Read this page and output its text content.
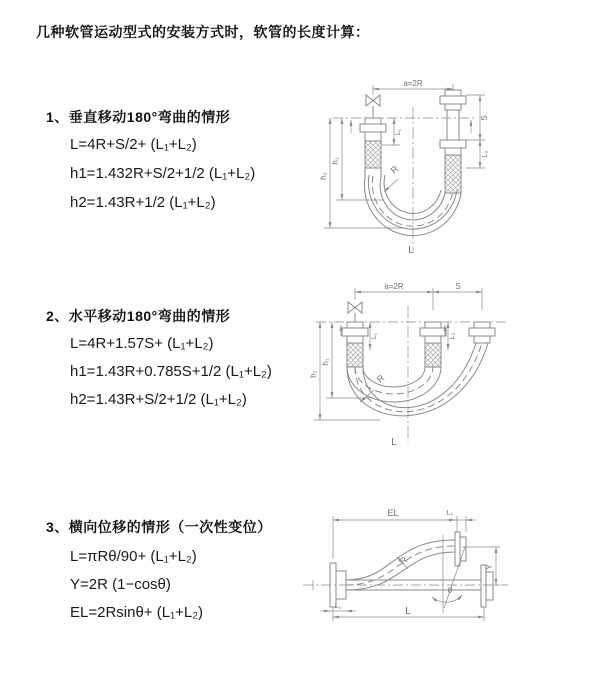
几种软管运动型式的安装方式时，软管的长度计算：
1、垂直移动180°弯曲的情形
L=4R+S/2+ (L₁+L₂)
h1=1.432R+S/2+1/2 (L₁+L₂)
h2=1.43R+1/2 (L₁+L₂)
2、水平移动180°弯曲的情形
L=4R+1.57S+ (L₁+L₂)
h1=1.43R+0.785S+1/2 (L₁+L₂)
h2=1.43R+S/2+1/2 (L₁+L₂)
3、横向位移的情形（一次性变位）
L=πRθ/90+ (L₁+L₂)
Y=2R (1−cosθ)
EL=2Rsinθ+ (L₁+L₂)
a=2R
L₁
S
L₂
h₁
h₂
R
L
a=2R	S
L₁	L₂
h₁
h₂	R
L
EL	L₂
Y
θ
R
L₁	L
